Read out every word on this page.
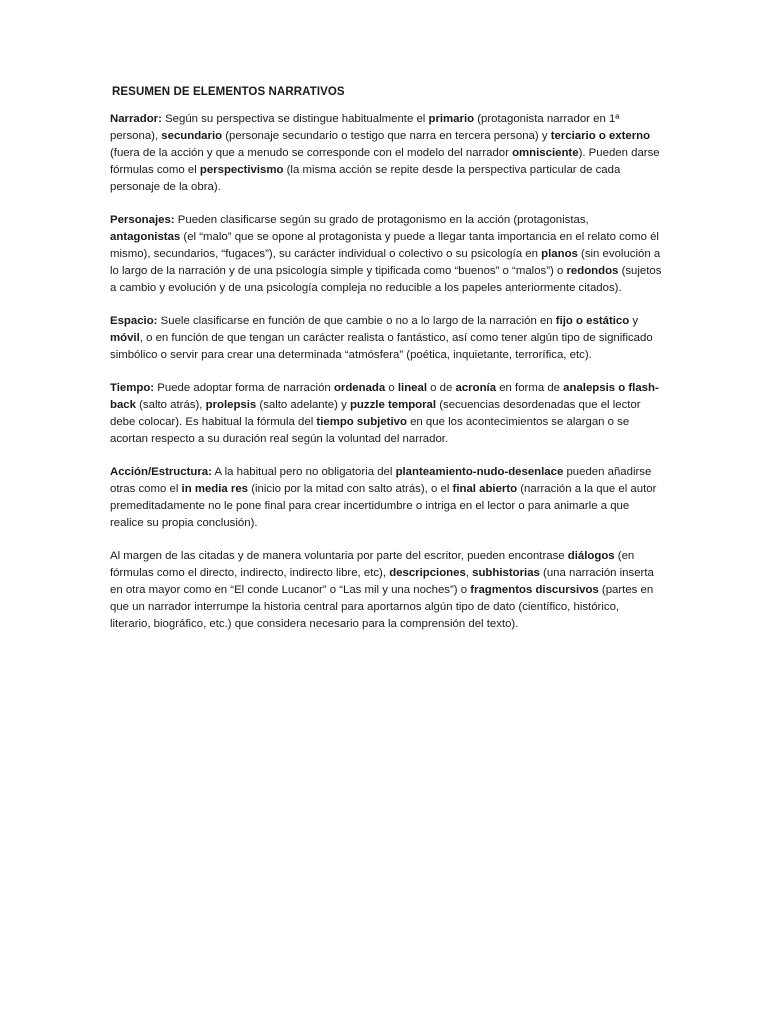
RESUMEN DE ELEMENTOS NARRATIVOS

Narrador: Según su perspectiva se distingue habitualmente el primario (protagonista narrador en 1ª persona), secundario (personaje secundario o testigo que narra en tercera persona) y terciario o externo (fuera de la acción y que a menudo se corresponde con el modelo del narrador omnisciente). Pueden darse fórmulas como el perspectivismo (la misma acción se repite desde la perspectiva particular de cada personaje de la obra).

Personajes: Pueden clasificarse según su grado de protagonismo en la acción (protagonistas, antagonistas (el “malo” que se opone al protagonista y puede a llegar tanta importancia en el relato como él mismo), secundarios, “fugaces”), su carácter individual o colectivo o su psicología en planos (sin evolución a lo largo de la narración y de una psicología simple y tipificada como “buenos” o “malos”) o redondos (sujetos a cambio y evolución y de una psicología compleja no reducible a los papeles anteriormente citados).

Espacio: Suele clasificarse en función de que cambie o no a lo largo de la narración en fijo o estático y móvil, o en función de que tengan un carácter realista o fantástico, así como tener algún tipo de significado simbólico o servir para crear una determinada “atmósfera” (poética, inquietante, terrorífica, etc).

Tiempo: Puede adoptar forma de narración ordenada o lineal o de acronía en forma de analepsis o flash-back (salto atrás), prolepsis (salto adelante) y puzzle temporal (secuencias desordenadas que el lector debe colocar). Es habitual la fórmula del tiempo subjetivo en que los acontecimientos se alargan o se acortan respecto a su duración real según la voluntad del narrador.

Acción/Estructura: A la habitual pero no obligatoria del planteamiento-nudo-desenlace pueden añadirse otras como el in media res (inicio por la mitad con salto atrás), o el final abierto (narración a la que el autor premeditadamente no le pone final para crear incertidumbre o intriga en el lector o para animarle a que realice su propia conclusión).

Al margen de las citadas y de manera voluntaria por parte del escritor, pueden encontrase diálogos (en fórmulas como el directo, indirecto, indirecto libre, etc), descripciones, subhistorias (una narración inserta en otra mayor como en “El conde Lucanor” o “Las mil y una noches”) o fragmentos discursivos (partes en que un narrador interrumpe la historia central para aportarnos algún tipo de dato (científico, histórico, literario, biográfico, etc.) que considera necesario para la comprensión del texto).
